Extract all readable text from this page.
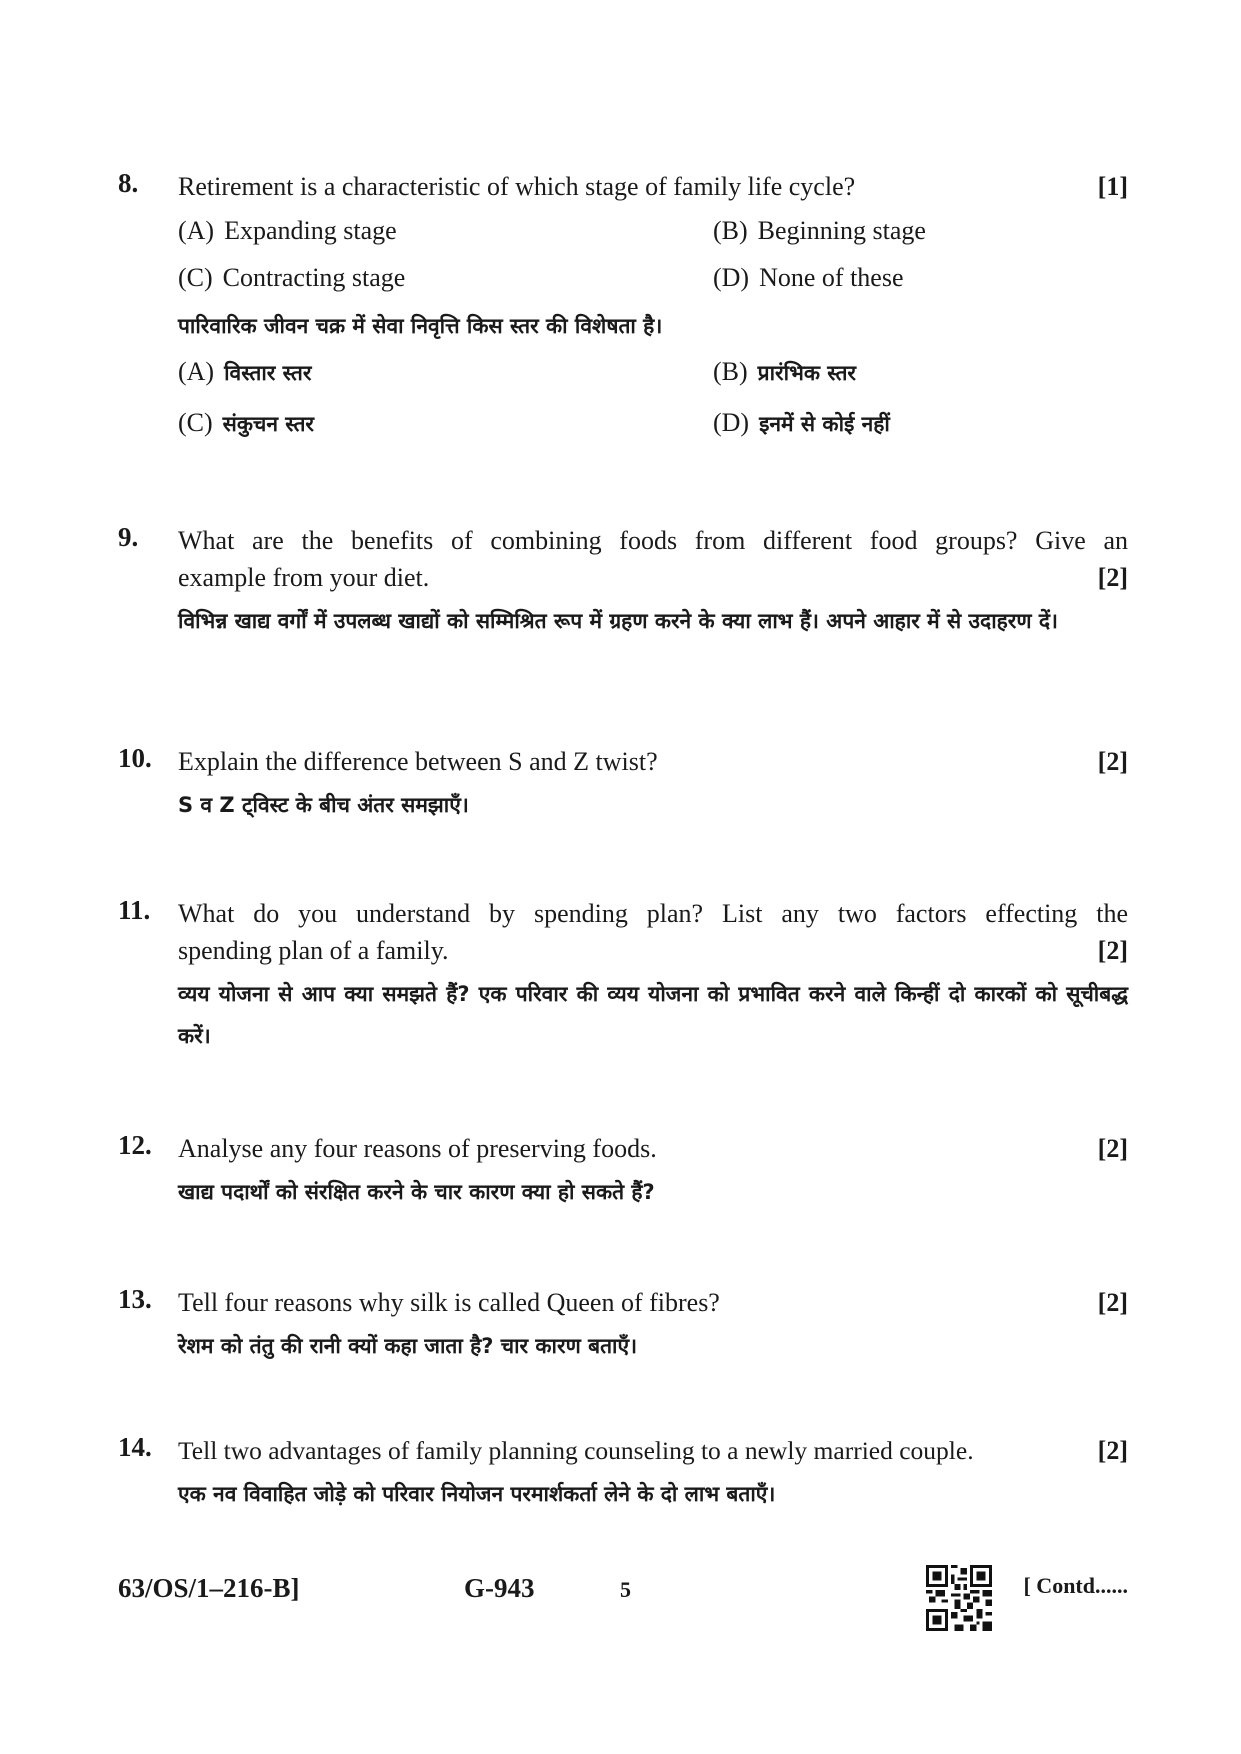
8. Retirement is a characteristic of which stage of family life cycle?	[1]
(A) Expanding stage	(B) Beginning stage
(C) Contracting stage	(D) None of these
पारिवारिक जीवन चक्र में सेवा निवृत्ति किस स्तर की विशेषता है।
(A) विस्तार स्तर	(B) प्रारंभिक स्तर
(C) संकुचन स्तर	(D) इनमें से कोई नहीं
9. What are the benefits of combining foods from different food groups? Give an
example from your diet.	[2]
विभिन्न खाद्य वर्गों में उपलब्ध खाद्यों को सम्मिश्रित रूप में ग्रहण करने के क्या लाभ हैं। अपने आहार में से उदाहरण दें।
10. Explain the difference between S and Z twist?	[2]
S व Z ट्विस्ट के बीच अंतर समझाएँ।
11. What do you understand by spending plan? List any two factors effecting the
spending plan of a family.	[2]
व्यय योजना से आप क्या समझते हैं? एक परिवार की व्यय योजना को प्रभावित करने वाले किन्हीं दो कारकों को सूचीबद्ध करें।
12. Analyse any four reasons of preserving foods.	[2]
खाद्य पदार्थों को संरक्षित करने के चार कारण क्या हो सकते हैं?
13. Tell four reasons why silk is called Queen of fibres?	[2]
रेशम को तंतु की रानी क्यों कहा जाता है? चार कारण बताएँ।
14. Tell two advantages of family planning counseling to a newly married couple.	[2]
एक नव विवाहित जोड़े को परिवार नियोजन परमार्शकर्ता लेने के दो लाभ बताएँ।
63/OS/1–216-B]	G-943	5	[ Contd......
